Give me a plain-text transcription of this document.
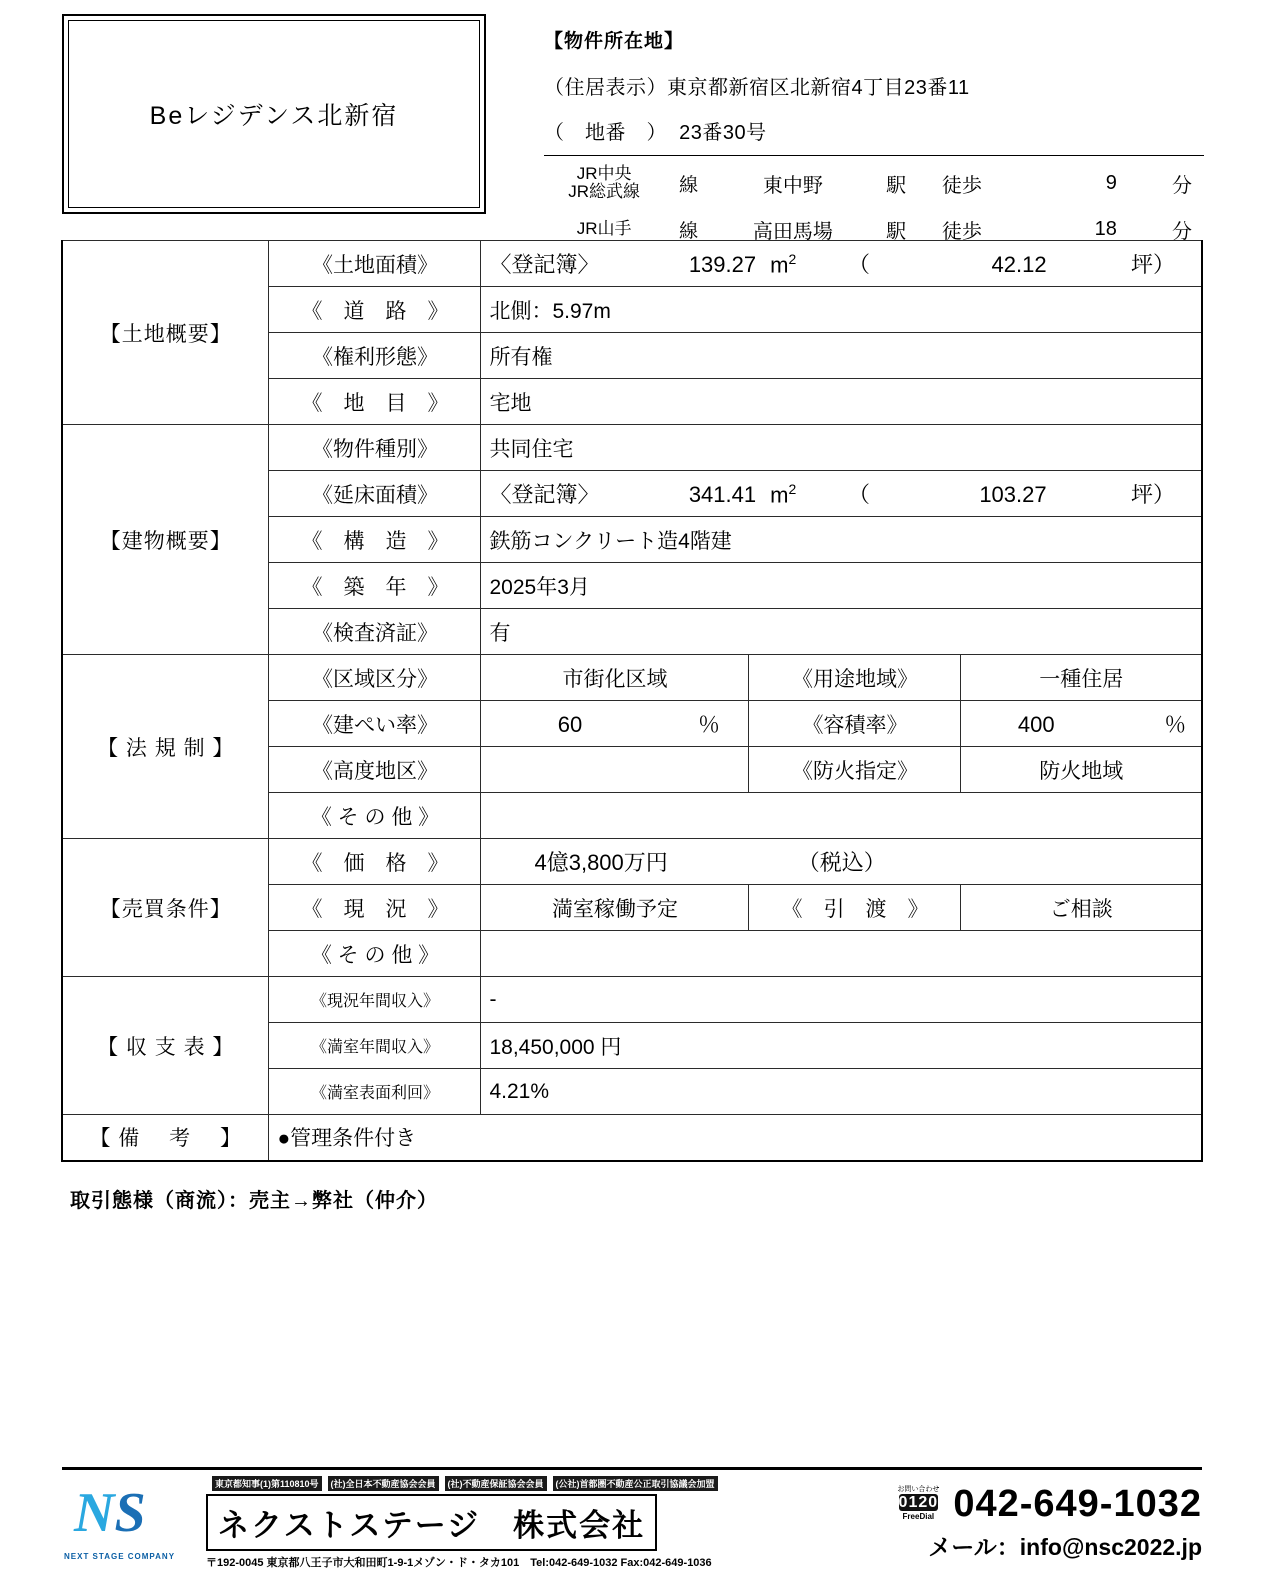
Beレジデンス北新宿
【物件所在地】
（住居表示）東京都新宿区北新宿4丁目23番11
（　地番　） 23番30号
JR中央
JR総武線	線	東中野	駅	徒歩	9	分
JR山手	線	高田馬場	駅	徒歩	18	分
【土地概要】	《土地面積》	〈登記簿〉	139.27 $m^2$	（	42.12	坪）

	《　道　路　》	北側：5.97m		
	《権利形態》	所有権		
	《　地　目　》	宅地		
【建物概要】	《物件種別》	共同住宅		
《延床面積》	〈登記簿〉	341.41 $m^2$	（	103.27	坪）

	《　構　造　》	鉄筋コンクリート造4階建		
	《　築　年　》	2025年3月		
	《検査済証》	有		
【 法 規 制 】	《区域区分》	市街化区域	《用途地域》	一種住居
	《建ぺい率》	60 ％	《容積率》	400 ％

	《高度地区》		《防火指定》	防火地域
	《 そ の 他 》			
【売買条件】	《　価　格　》	4億3,800万円 （税込）		

	《　現　況　》	満室稼働予定	《　引　渡　》	ご相談
	《 そ の 他 》			
【 収 支 表 】	《現況年間収入》	-		
	《満室年間収入》	18,450,000 円		
	《満室表面利回》	4.21%		
【 備 　考 　】	●管理条件付き			
取引態様（商流）：売主→弊社（仲介）
NS
NEXT STAGE COMPANY
東京都知事(1)第110810号	(社)全日本不動産協会会員	(社)不動産保証協会会員	(公社)首都圏不動産公正取引協議会加盟
ネクストステージ　株式会社
〒192-0045 東京都八王子市大和田町1-9-1メゾン・ド・タカ101　Tel:042-649-1032 Fax:042-649-1036
お問い合わせ
0120
FreeDial 042-649-1032
メール：info@nsc2022.jp
